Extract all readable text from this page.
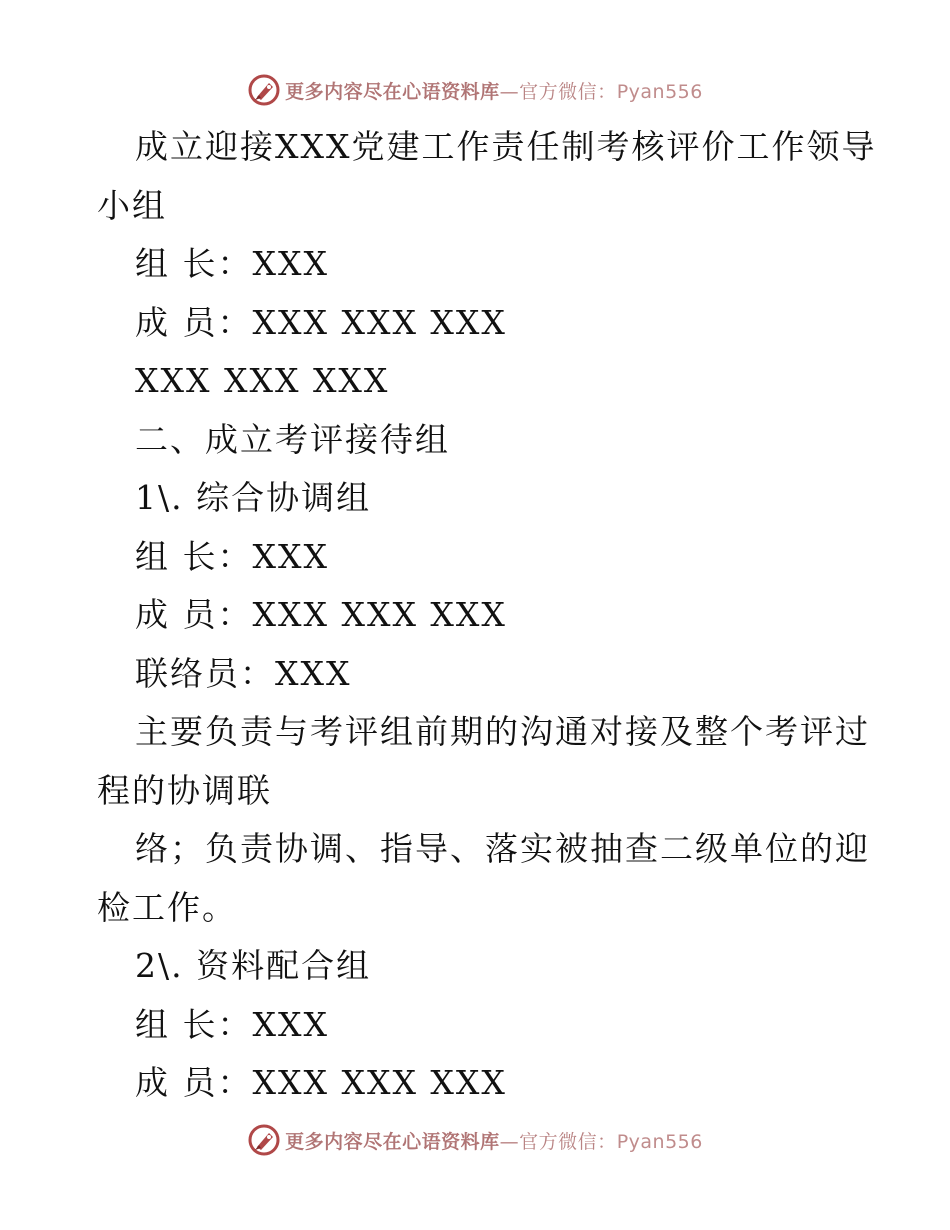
更多内容尽在心语资料库—官方微信：Pyan556
成立迎接XXX党建工作责任制考核评价工作领导
小组
组 长：XXX
成 员：XXX XXX XXX
XXX XXX XXX
二、成立考评接待组
1\. 综合协调组
组 长：XXX
成 员：XXX XXX XXX
联络员：XXX
主要负责与考评组前期的沟通对接及整个考评过
程的协调联
络；负责协调、指导、落实被抽查二级单位的迎
检工作。
2\. 资料配合组
组 长：XXX
成 员：XXX XXX XXX
更多内容尽在心语资料库—官方微信：Pyan556
